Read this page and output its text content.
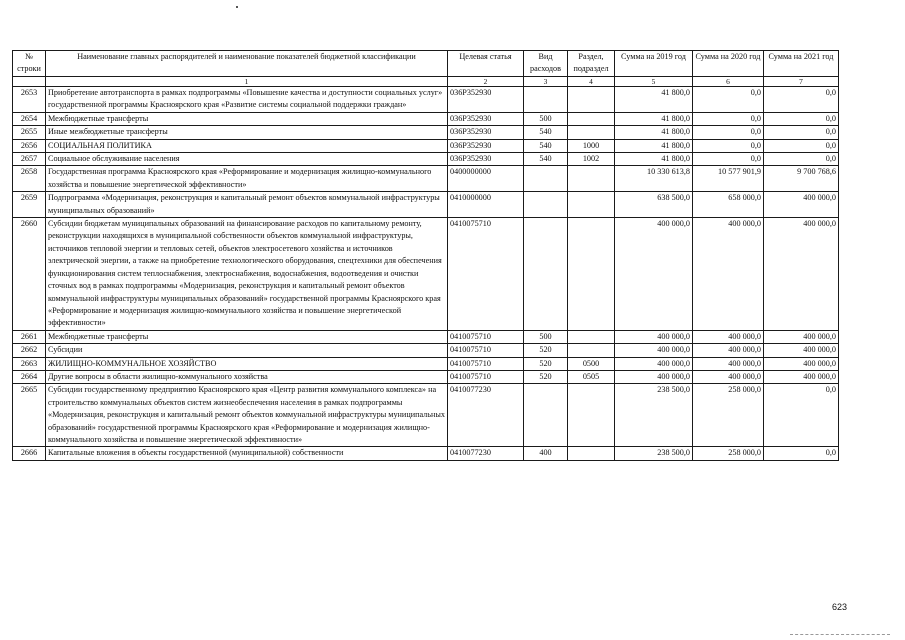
№ строки	Наименование главных распорядителей и наименование показателей бюджетной классификации	Целевая статья	Вид расходов	Раздел, подраздел	Сумма на 2019 год	Сумма на 2020 год	Сумма на 2021 год
	1	2	3	4	5	6	7
2653	Приобретение автотранспорта в рамках подпрограммы «Повышение качества и доступности социальных услуг» государственной программы Красноярского края «Развитие системы социальной поддержки граждан»	036P352930			41 800,0	0,0	0,0
2654	Межбюджетные трансферты	036P352930	500		41 800,0	0,0	0,0
2655	Иные межбюджетные трансферты	036P352930	540		41 800,0	0,0	0,0
2656	СОЦИАЛЬНАЯ ПОЛИТИКА	036P352930	540	1000	41 800,0	0,0	0,0
2657	Социальное обслуживание населения	036P352930	540	1002	41 800,0	0,0	0,0
2658	Государственная программа Красноярского края «Реформирование и модернизация жилищно-коммунального хозяйства и повышение энергетической эффективности»	0400000000			10 330 613,8	10 577 901,9	9 700 768,6
2659	Подпрограмма «Модернизация, реконструкция и капитальный ремонт объектов коммунальной инфраструктуры муниципальных образований»	0410000000			638 500,0	658 000,0	400 000,0
2660	Субсидии бюджетам муниципальных образований на финансирование расходов по капитальному ремонту, реконструкции находящихся в муниципальной собственности объектов коммунальной инфраструктуры, источников тепловой энергии и тепловых сетей, объектов электросетевого хозяйства и источников электрической энергии, а также на приобретение технологического оборудования, спецтехники для обеспечения функционирования систем теплоснабжения, электроснабжения, водоснабжения, водоотведения и очистки сточных вод в рамках подпрограммы «Модернизация, реконструкция и капитальный ремонт объектов коммунальной инфраструктуры муниципальных образований» государственной программы Красноярского края «Реформирование и модернизация жилищно-коммунального хозяйства и повышение энергетической эффективности»	0410075710			400 000,0	400 000,0	400 000,0
2661	Межбюджетные трансферты	0410075710	500		400 000,0	400 000,0	400 000,0
2662	Субсидии	0410075710	520		400 000,0	400 000,0	400 000,0
2663	ЖИЛИЩНО-КОММУНАЛЬНОЕ ХОЗЯЙСТВО	0410075710	520	0500	400 000,0	400 000,0	400 000,0
2664	Другие вопросы в области жилищно-коммунального хозяйства	0410075710	520	0505	400 000,0	400 000,0	400 000,0
2665	Субсидии государственному предприятию Красноярского края «Центр развития коммунального комплекса» на строительство коммунальных объектов систем жизнеобеспечения населения в рамках подпрограммы «Модернизация, реконструкция и капитальный ремонт объектов коммунальной инфраструктуры муниципальных образований» государственной программы Красноярского края «Реформирование и модернизация жилищно-коммунального хозяйства и повышение энергетической эффективности»	0410077230			238 500,0	258 000,0	0,0
2666	Капитальные вложения в объекты государственной (муниципальной) собственности	0410077230	400		238 500,0	258 000,0	0,0
623
